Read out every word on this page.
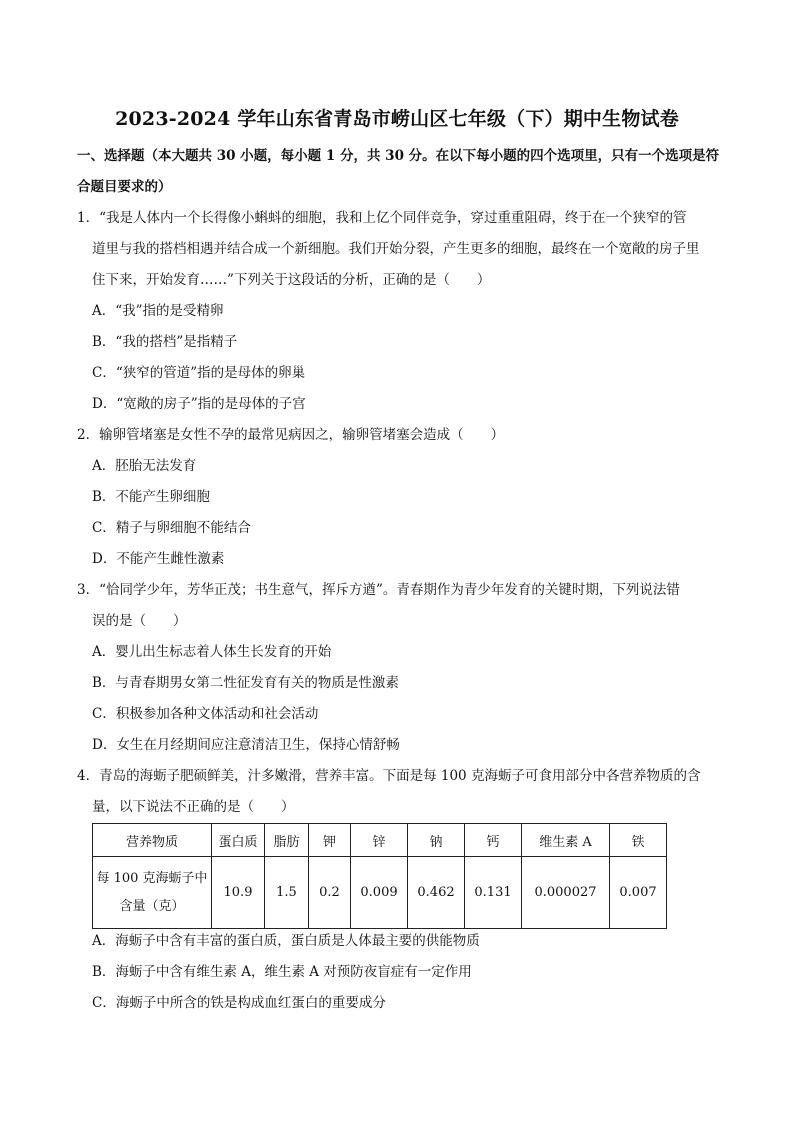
2023-2024 学年山东省青岛市崂山区七年级（下）期中生物试卷
一、选择题（本大题共 30 小题，每小题 1 分，共 30 分。在以下每小题的四个选项里，只有一个选项是符
合题目要求的）
1．“我是人体内一个长得像小蝌蚪的细胞，我和上亿个同伴竞争，穿过重重阻碍，终于在一个狭窄的管
道里与我的搭档相遇并结合成一个新细胞。我们开始分裂，产生更多的细胞，最终在一个宽敞的房子里
住下来，开始发育……”下列关于这段话的分析，正确的是（　　）
A．“我”指的是受精卵
B．“我的搭档”是指精子
C．“狭窄的管道”指的是母体的卵巢
D．“宽敞的房子”指的是母体的子宫
2．输卵管堵塞是女性不孕的最常见病因之，输卵管堵塞会造成（　　）
A．胚胎无法发育
B．不能产生卵细胞
C．精子与卵细胞不能结合
D．不能产生雌性激素
3．“恰同学少年，芳华正茂；书生意气，挥斥方遒”。青春期作为青少年发育的关键时期，下列说法错
误的是（　　）
A．婴儿出生标志着人体生长发育的开始
B．与青春期男女第二性征发育有关的物质是性激素
C．积极参加各种文体活动和社会活动
D．女生在月经期间应注意清洁卫生，保持心情舒畅
4．青岛的海蛎子肥硕鲜美，汁多嫩滑，营养丰富。下面是每 100 克海蛎子可食用部分中各营养物质的含
量，以下说法不正确的是（　　）
营养物质	蛋白质	脂肪	钾	锌	钠	钙	维生素 A	铁

每 100 克海蛎子中
含量（克）	10.9	1.5	0.2	0.009	0.462	0.131	0.000027	0.007
A．海蛎子中含有丰富的蛋白质，蛋白质是人体最主要的供能物质
B．海蛎子中含有维生素 A，维生素 A 对预防夜盲症有一定作用
C．海蛎子中所含的铁是构成血红蛋白的重要成分
